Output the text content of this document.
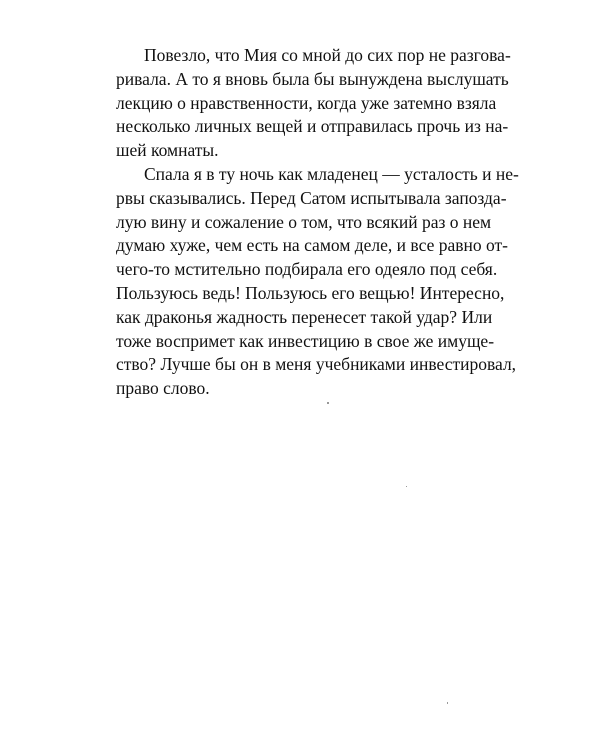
Повезло, что Мия со мной до сих пор не разгова-
ривала. А то я вновь была бы вынуждена выслушать
лекцию о нравственности, когда уже затемно взяла
несколько личных вещей и отправилась прочь из на-
шей комнаты.

Спала я в ту ночь как младенец — усталость и не-
рвы сказывались. Перед Сатом испытывала запозда-
лую вину и сожаление о том, что всякий раз о нем
думаю хуже, чем есть на самом деле, и все равно от-
чего-то мстительно подбирала его одеяло под себя.
Пользуюсь ведь! Пользуюсь его вещью! Интересно,
как драконья жадность перенесет такой удар? Или
тоже воспримет как инвестицию в свое же имуще-
ство? Лучше бы он в меня учебниками инвестировал,
право слово.
